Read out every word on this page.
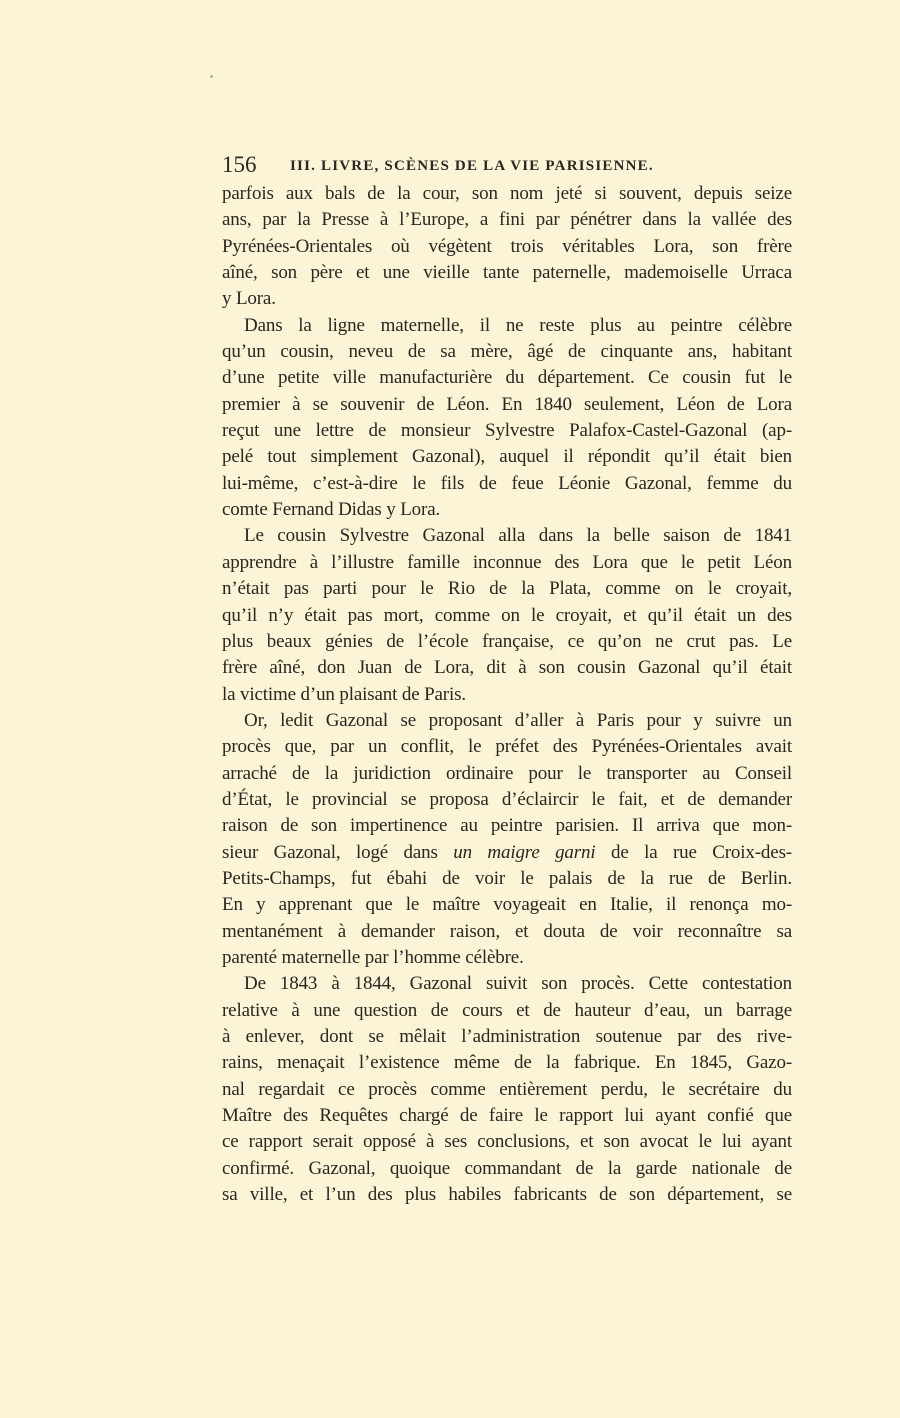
156 III. LIVRE, SCÈNES DE LA VIE PARISIENNE.
parfois aux bals de la cour, son nom jeté si souvent, depuis seize
ans, par la Presse à l’Europe, a fini par pénétrer dans la vallée des
Pyrénées-Orientales où végètent trois véritables Lora, son frère
aîné, son père et une vieille tante paternelle, mademoiselle Urraca
y Lora.
Dans la ligne maternelle, il ne reste plus au peintre célèbre
qu’un cousin, neveu de sa mère, âgé de cinquante ans, habitant
d’une petite ville manufacturière du département. Ce cousin fut le
premier à se souvenir de Léon. En 1840 seulement, Léon de Lora
reçut une lettre de monsieur Sylvestre Palafox-Castel-Gazonal (ap-
pelé tout simplement Gazonal), auquel il répondit qu’il était bien
lui-même, c’est-à-dire le fils de feue Léonie Gazonal, femme du
comte Fernand Didas y Lora.
Le cousin Sylvestre Gazonal alla dans la belle saison de 1841
apprendre à l’illustre famille inconnue des Lora que le petit Léon
n’était pas parti pour le Rio de la Plata, comme on le croyait,
qu’il n’y était pas mort, comme on le croyait, et qu’il était un des
plus beaux génies de l’école française, ce qu’on ne crut pas. Le
frère aîné, don Juan de Lora, dit à son cousin Gazonal qu’il était
la victime d’un plaisant de Paris.
Or, ledit Gazonal se proposant d’aller à Paris pour y suivre un
procès que, par un conflit, le préfet des Pyrénées-Orientales avait
arraché de la juridiction ordinaire pour le transporter au Conseil
d’État, le provincial se proposa d’éclaircir le fait, et de demander
raison de son impertinence au peintre parisien. Il arriva que mon-
sieur Gazonal, logé dans un maigre garni de la rue Croix-des-
Petits-Champs, fut ébahi de voir le palais de la rue de Berlin.
En y apprenant que le maître voyageait en Italie, il renonça mo-
mentanément à demander raison, et douta de voir reconnaître sa
parenté maternelle par l’homme célèbre.
De 1843 à 1844, Gazonal suivit son procès. Cette contestation
relative à une question de cours et de hauteur d’eau, un barrage
à enlever, dont se mêlait l’administration soutenue par des rive-
rains, menaçait l’existence même de la fabrique. En 1845, Gazo-
nal regardait ce procès comme entièrement perdu, le secrétaire du
Maître des Requêtes chargé de faire le rapport lui ayant confié que
ce rapport serait opposé à ses conclusions, et son avocat le lui ayant
confirmé. Gazonal, quoique commandant de la garde nationale de
sa ville, et l’un des plus habiles fabricants de son département, se
